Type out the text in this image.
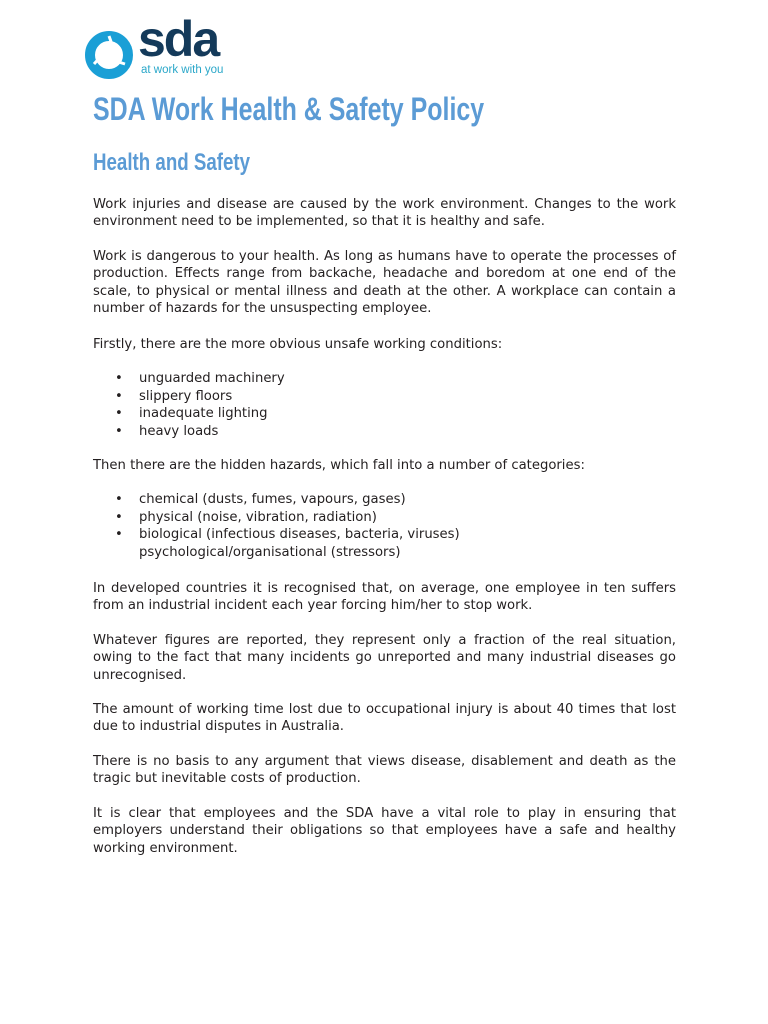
sda
at work with you
SDA Work Health & Safety Policy
Health and Safety
Work injuries and disease are caused by the work environment. Changes to the work environment need to be implemented, so that it is healthy and safe.
Work is dangerous to your health. As long as humans have to operate the processes of production. Effects range from backache, headache and boredom at one end of the scale, to physical or mental illness and death at the other. A workplace can contain a number of hazards for the unsuspecting employee.
Firstly, there are the more obvious unsafe working conditions:
• unguarded machinery
• slippery floors
• inadequate lighting
• heavy loads
Then there are the hidden hazards, which fall into a number of categories:
• chemical (dusts, fumes, vapours, gases)
• physical (noise, vibration, radiation)
• biological (infectious diseases, bacteria, viruses)
psychological/organisational (stressors)
In developed countries it is recognised that, on average, one employee in ten suffers from an industrial incident each year forcing him/her to stop work.
Whatever figures are reported, they represent only a fraction of the real situation, owing to the fact that many incidents go unreported and many industrial diseases go unrecognised.
The amount of working time lost due to occupational injury is about 40 times that lost due to industrial disputes in Australia.
There is no basis to any argument that views disease, disablement and death as the tragic but inevitable costs of production.
It is clear that employees and the SDA have a vital role to play in ensuring that employers understand their obligations so that employees have a safe and healthy working environment.
